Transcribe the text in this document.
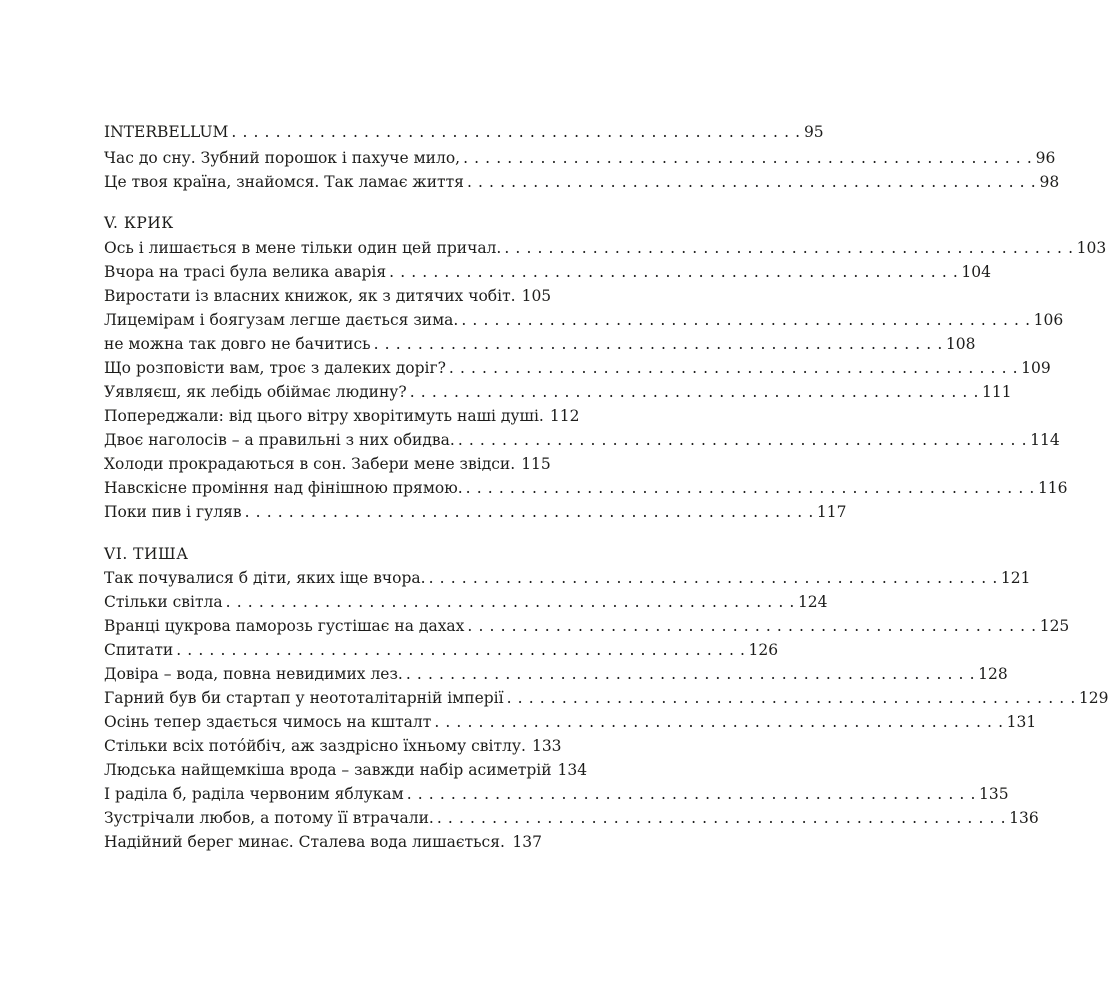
INTERBELLUM . . .	95
Час до сну. Зубний порошок і пахуче мило, . . .	96
Це твоя країна, знайомся. Так ламає життя . . .	98
V. КРИК
Ось і лишається в мене тільки один цей причал. . . .	103
Вчора на трасі була велика аварія . . .	104
Виростати із власних книжок, як з дитячих чобіт. 105
Лицемірам і боягузам легше дається зима. . . .	106
не можна так довго не бачитись . . .	108
Що розповісти вам, троє з далеких доріг? . . .	109
Уявляєш, як лебідь обіймає людину? . . .	111
Попереджали: від цього вітру хворітимуть наші душі. 112
Двоє наголосів – а правильні з них обидва. . . .	114
Холоди прокрадаються в сон. Забери мене звідси. 115
Навскісне проміння над фінішною прямою. . . .	116
Поки пив і гуляв . . .	117
VI. ТИША
Так почувалися б діти, яких іще вчора. . . .	121
Стільки світла . . .	124
Вранці цукрова паморозь густішає на дахах . . .	125
Спитати . . .	126
Довіра – вода, повна невидимих лез. . . .	128
Гарний був би стартап у неототалітарній імперії . . .	129
Осінь тепер здається чимось на кшталт . . .	131
Стільки всіх пото́йбіч, аж заздрісно їхньому світлу. 133
Людська найщемкіша врода – завжди набір асиметрій 134
І раділа б, раділа червоним яблукам . . .	135
Зустрічали любов, а потому її втрачали. . . .	136
Надійний берег минає. Сталева вода лишається. . . . 137
